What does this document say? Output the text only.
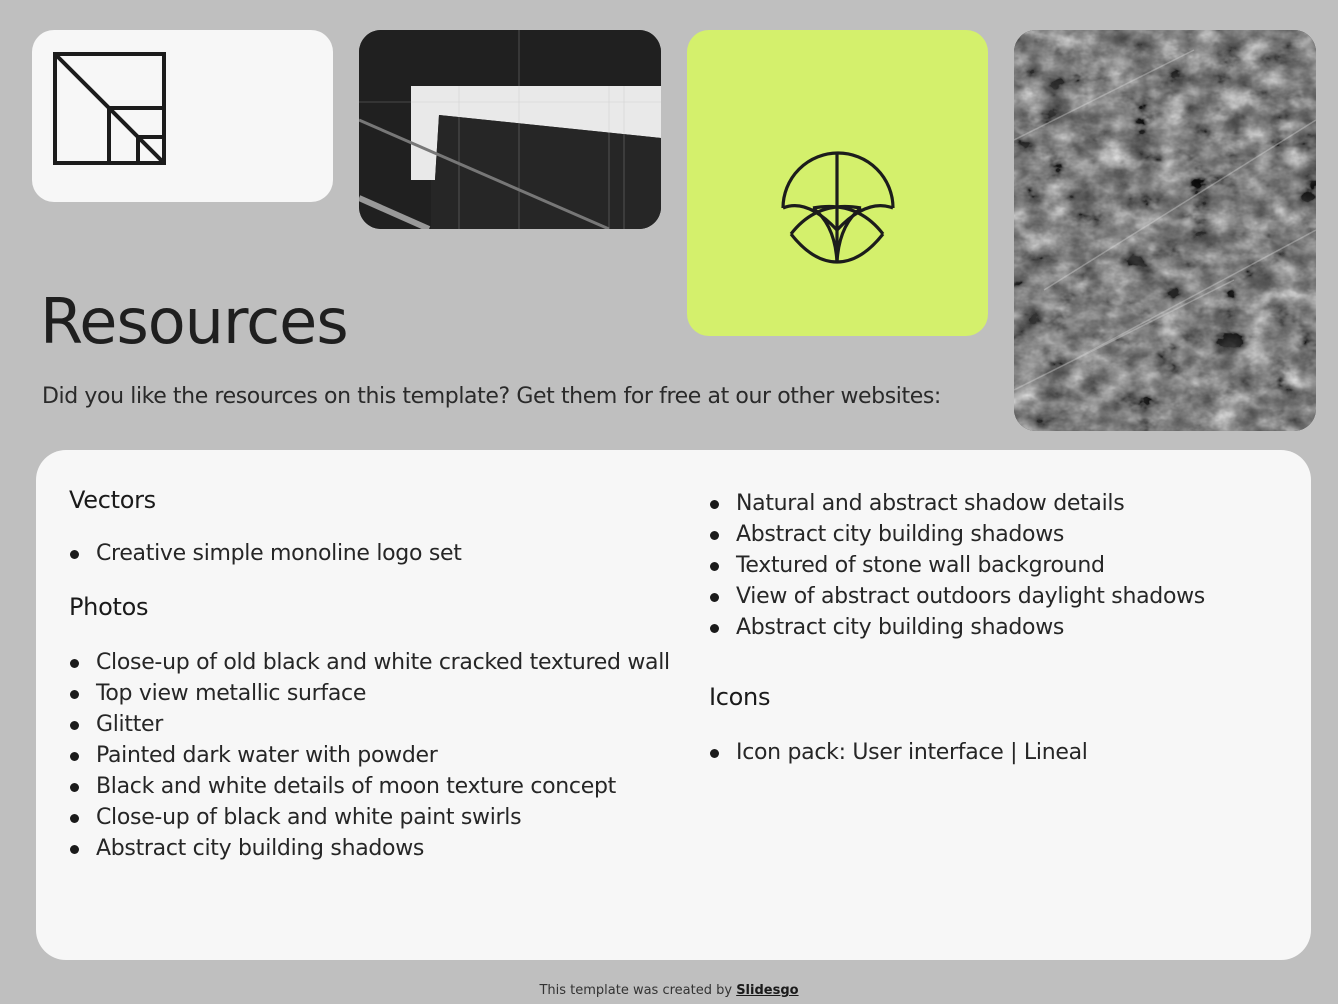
Resources

Did you like the resources on this template? Get them for free at our other websites:

Vectors
Creative simple monoline logo set
Photos
Close-up of old black and white cracked textured wall
Top view metallic surface
Glitter
Painted dark water with powder
Black and white details of moon texture concept
Close-up of black and white paint swirls
Abstract city building shadows
Natural and abstract shadow details
Abstract city building shadows
Textured of stone wall background
View of abstract outdoors daylight shadows
Abstract city building shadows
Icons
Icon pack: User interface | Lineal
This template was created by Slidesgo
